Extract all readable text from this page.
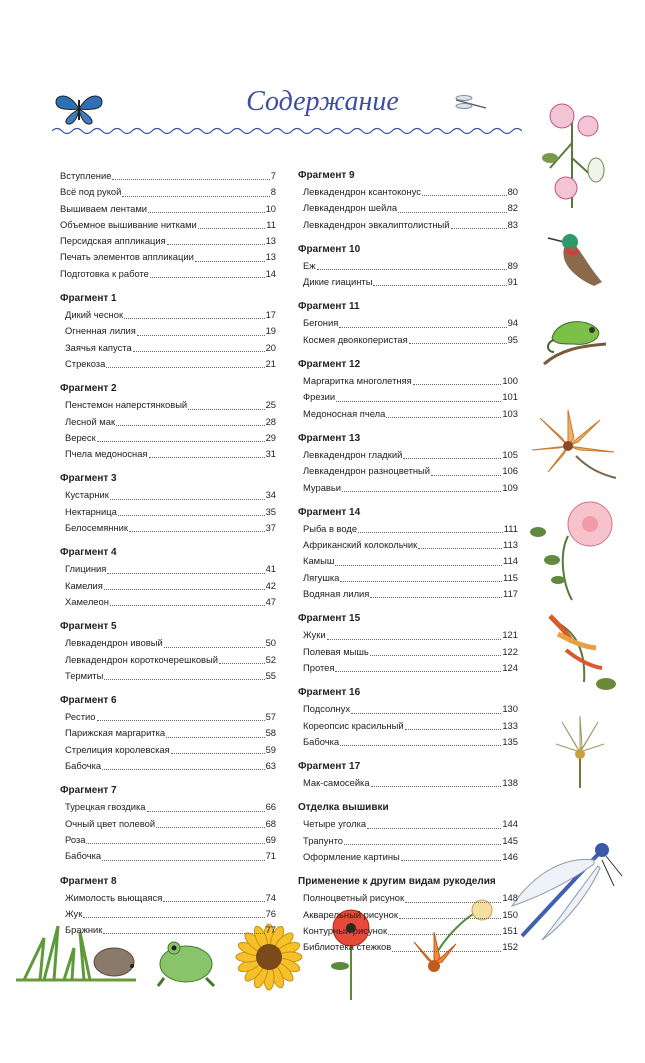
Содержание
Вступление	7
Всё под рукой	8
Вышиваем лентами	10
Объемное вышивание нитками	11
Персидская аппликация	13
Печать элементов аппликации	13
Подготовка к работе	14
Фрагмент 1
Дикий чеснок	17
Огненная лилия	19
Заячья капуста	20
Стрекоза	21
Фрагмент 2
Пенстемон наперстянковый	25
Лесной мак	28
Вереск	29
Пчела медоносная	31
Фрагмент 3
Кустарник	34
Нектарница	35
Белосемянник	37
Фрагмент 4
Глициния	41
Камелия	42
Хамелеон	47
Фрагмент 5
Левкадендрон ивовый	50
Левкадендрон короткочерешковый	52
Термиты	55
Фрагмент 6
Рестио	57
Парижская маргаритка	58
Стрелиция королевская	59
Бабочка	63
Фрагмент 7
Турецкая гвоздика	66
Очный цвет полевой	68
Роза	69
Бабочка	71
Фрагмент 8
Жимолость вьющаяся	74
Жук	76
Бражник	77
Фрагмент 9
Левкадендрон ксантоконус	80
Левкадендрон шейла	82
Левкадендрон эвкалиптолистный	83
Фрагмент 10
Еж	89
Дикие гиацинты	91
Фрагмент 11
Бегония	94
Космея двоякоперистая	95
Фрагмент 12
Маргаритка многолетняя	100
Фрезии	101
Медоносная пчела	103
Фрагмент 13
Левкадендрон гладкий	105
Левкадендрон разноцветный	106
Муравьи	109
Фрагмент 14
Рыба в воде	111
Африканский колокольчик	113
Камыш	114
Лягушка	115
Водяная лилия	117
Фрагмент 15
Жуки	121
Полевая мышь	122
Протея	124
Фрагмент 16
Подсолнух	130
Кореопсис красильный	133
Бабочка	135
Фрагмент 17
Мак-самосейка	138
Отделка вышивки
Четыре уголка	144
Трапунто	145
Оформление картины	146
Применение к другим видам рукоделия
Полноцветный рисунок	148
Акварельный рисунок	150
Контурный рисунок	151
Библиотека стежков	152
